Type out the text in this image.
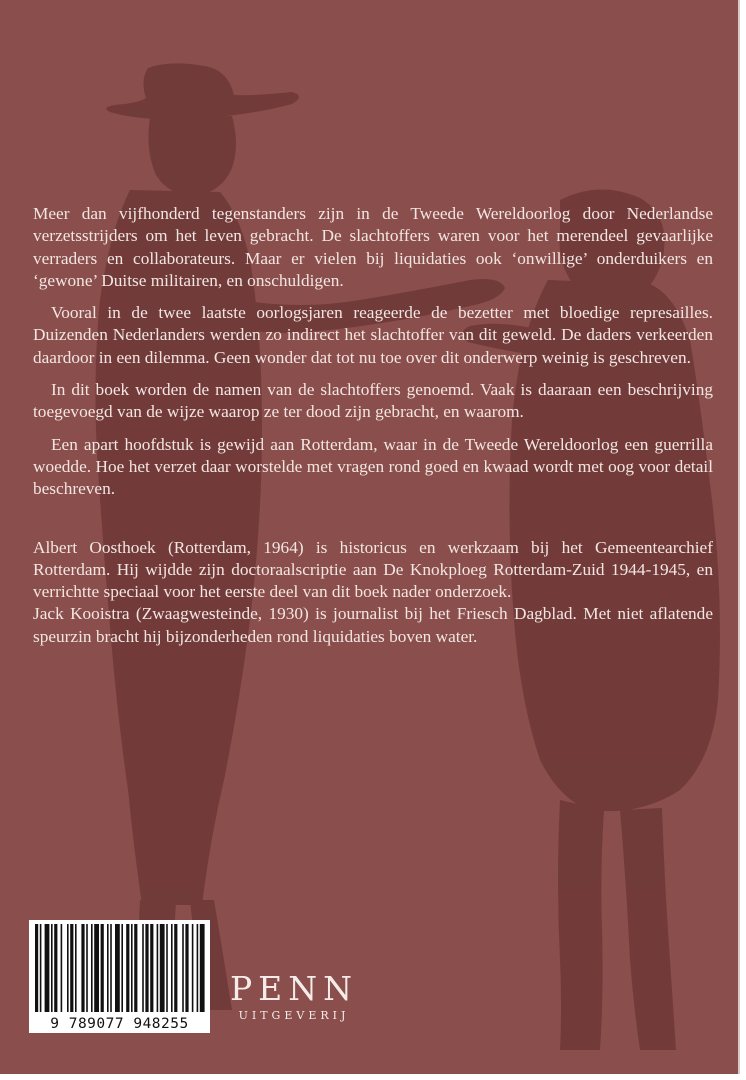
Meer dan vijfhonderd tegenstanders zijn in de Tweede Wereldoorlog door Nederlandse verzetsstrijders om het leven gebracht. De slachtoffers waren voor het merendeel gevaarlijke verraders en collaborateurs. Maar er vielen bij liquidaties ook ‘onwillige’ onderduikers en ‘gewone’ Duitse militairen, en onschuldigen.

Vooral in de twee laatste oorlogsjaren reageerde de bezetter met bloedige represailles. Duizenden Nederlanders werden zo indirect het slachtoffer van dit geweld. De daders verkeerden daardoor in een dilemma. Geen wonder dat tot nu toe over dit onderwerp weinig is geschreven.

In dit boek worden de namen van de slachtoffers genoemd. Vaak is daaraan een beschrijving toegevoegd van de wijze waarop ze ter dood zijn gebracht, en waarom.

Een apart hoofdstuk is gewijd aan Rotterdam, waar in de Tweede Wereldoorlog een guerrilla woedde. Hoe het verzet daar worstelde met vragen rond goed en kwaad wordt met oog voor detail beschreven.

Albert Oosthoek (Rotterdam, 1964) is historicus en werkzaam bij het Gemeentearchief Rotterdam. Hij wijdde zijn doctoraalscriptie aan De Knokploeg Rotterdam-Zuid 1944-1945, en verrichtte speciaal voor het eerste deel van dit boek nader onderzoek.

Jack Kooistra (Zwaagwesteinde, 1930) is journalist bij het Friesch Dagblad. Met niet aflatende speurzin bracht hij bijzonderheden rond liquidaties boven water.

9 789077 948255
PENN
UITGEVERIJ
